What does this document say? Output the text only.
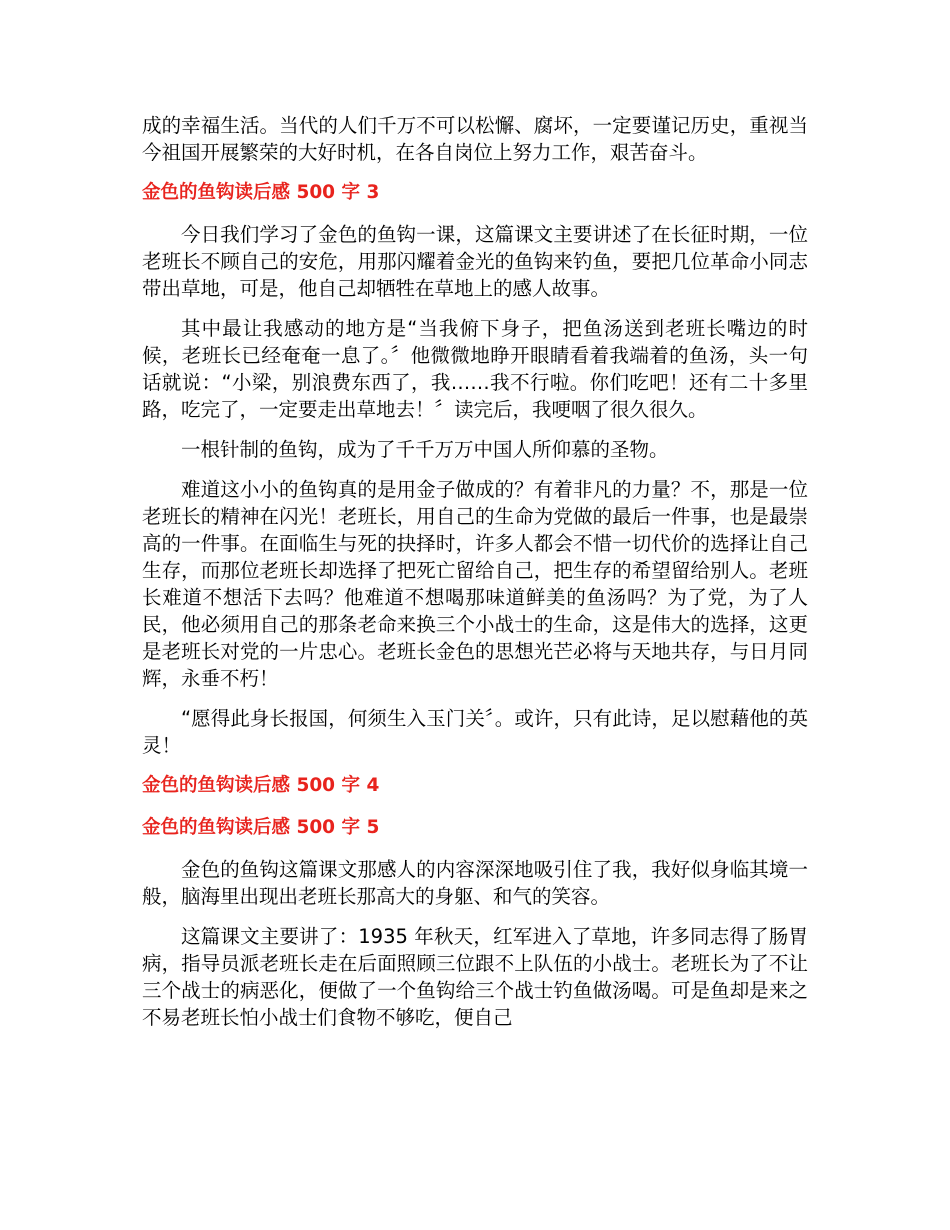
成的幸福生活。当代的人们千万不可以松懈、腐坏，一定要谨记历史，重视当今祖国开展繁荣的大好时机，在各自岗位上努力工作，艰苦奋斗。

金色的鱼钩读后感 500 字 3

今日我们学习了金色的鱼钩一课，这篇课文主要讲述了在长征时期，一位老班长不顾自己的安危，用那闪耀着金光的鱼钩来钓鱼，要把几位革命小同志带出草地，可是，他自己却牺牲在草地上的感人故事。

其中最让我感动的地方是“当我俯下身子，把鱼汤送到老班长嘴边的时候，老班长已经奄奄一息了。〞他微微地睁开眼睛看着我端着的鱼汤，头一句话就说：“小梁，别浪费东西了，我……我不行啦。你们吃吧！还有二十多里路，吃完了，一定要走出草地去！〞读完后，我哽咽了很久很久。

一根针制的鱼钩，成为了千千万万中国人所仰慕的圣物。

难道这小小的鱼钩真的是用金子做成的？有着非凡的力量？不，那是一位老班长的精神在闪光！老班长，用自己的生命为党做的最后一件事，也是最崇高的一件事。在面临生与死的抉择时，许多人都会不惜一切代价的选择让自己生存，而那位老班长却选择了把死亡留给自己，把生存的希望留给别人。老班长难道不想活下去吗？他难道不想喝那味道鲜美的鱼汤吗？为了党，为了人民，他必须用自己的那条老命来换三个小战士的生命，这是伟大的选择，这更是老班长对党的一片忠心。老班长金色的思想光芒必将与天地共存，与日月同辉，永垂不朽！

“愿得此身长报国，何须生入玉门关〞。或许，只有此诗，足以慰藉他的英灵！

金色的鱼钩读后感 500 字 4
金色的鱼钩读后感 500 字 5

金色的鱼钩这篇课文那感人的内容深深地吸引住了我，我好似身临其境一般，脑海里出现出老班长那高大的身躯、和气的笑容。

这篇课文主要讲了：1935 年秋天，红军进入了草地，许多同志得了肠胃病，指导员派老班长走在后面照顾三位跟不上队伍的小战士。老班长为了不让三个战士的病恶化，便做了一个鱼钩给三个战士钓鱼做汤喝。可是鱼却是来之不易老班长怕小战士们食物不够吃，便自己
